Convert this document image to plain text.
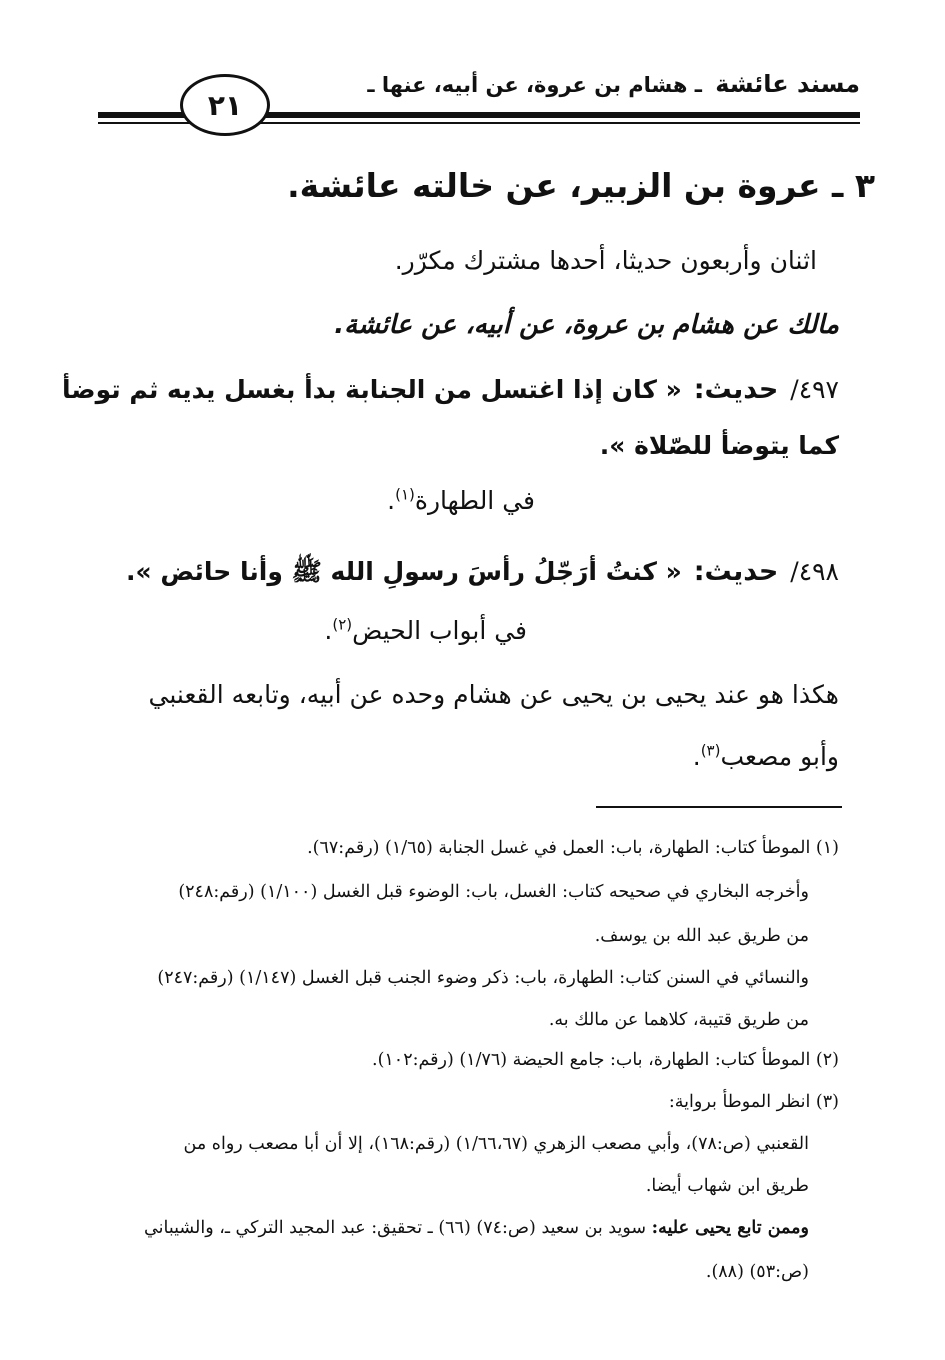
مسند عائشة ـ هشام بن عروة، عن أبيه، عنها ـ
٢١
٣ ـ عروة بن الزبير، عن خالته عائشة.
اثنان وأربعون حديثا، أحدها مشترك مكرّر.
مالك عن هشام بن عروة، عن أبيه، عن عائشة.
٤٩٧/ حديث: « كان إذا اغتسل من الجنابة بدأ بغسل يديه ثم توضأ
كما يتوضأ للصّلاة ».
في الطهارة$^{(١)}$.
٤٩٨/ حديث: « كنتُ أرَجّلُ رأسَ رسولِ الله ﷺ وأنا حائض ».
في أبواب الحيض$^{(٢)}$.
هكذا هو عند يحيى بن يحيى عن هشام وحده عن أبيه، وتابعه القعنبي
وأبو مصعب$^{(٣)}$.
(١) الموطأ كتاب: الطهارة، باب: العمل في غسل الجنابة (١/٦٥) (رقم:٦٧).
وأخرجه البخاري في صحيحه كتاب: الغسل، باب: الوضوء قبل الغسل (١/١٠٠) (رقم:٢٤٨)
من طريق عبد الله بن يوسف.
والنسائي في السنن كتاب: الطهارة، باب: ذكر وضوء الجنب قبل الغسل (١/١٤٧) (رقم:٢٤٧)
من طريق قتيبة، كلاهما عن مالك به.
(٢) الموطأ كتاب: الطهارة، باب: جامع الحيضة (١/٧٦) (رقم:١٠٢).
(٣) انظر الموطأ برواية:
القعنبي (ص:٧٨)، وأبي مصعب الزهري (١/٦٦،٦٧) (رقم:١٦٨)، إلا أن أبا مصعب رواه من
طريق ابن شهاب أيضا.
وممن تابع يحيى عليه: سويد بن سعيد (ص:٧٤) (٦٦) ـ تحقيق: عبد المجيد التركي ـ، والشيباني
(ص:٥٣) (٨٨).
